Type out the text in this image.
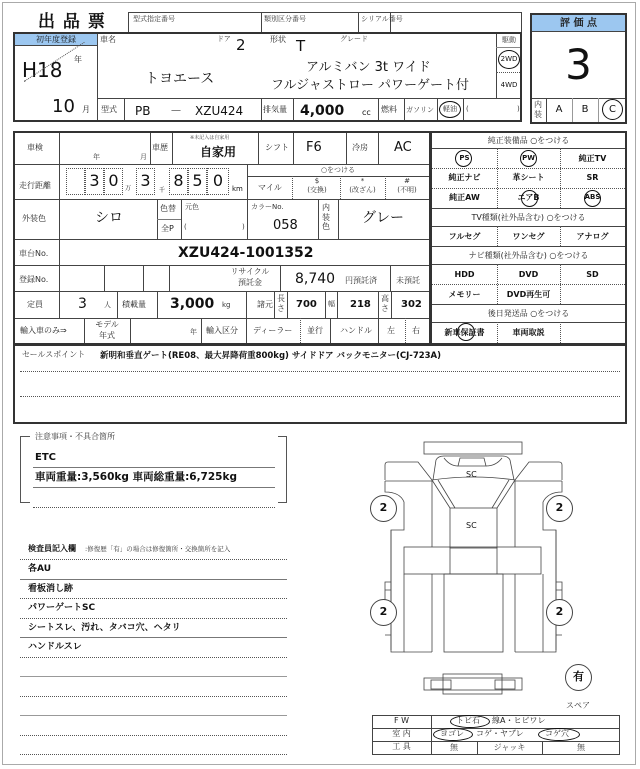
出 品 票	型式指定番号	類別区分番号	シリアル番号
初年度登録
H18 年
10 月
車名	ドア 2	形状 T	グレード
トヨエース
アルミバン 3t ワイド
フルジャストロー パワーゲート付
駆動
2WD
4WD
型式 PB － XZU424 排気量 4,000 cc 燃料 ガソリン 軽油 (	)
評 価 点
3
内装	A	B	C
車検
年	月
車歴
※未記入は自家用
自家用	シフト F6	冷房 AC
走行距離 3 0	万 3
千
8 5 0	km
○をつける
マイル
$
(交換)
*
(改ざん)
#
(不明)
外装色	シロ
色替
全P
元色
(	)
カラーNo.
058
内装色
グレー
車台No.	XZU424-1001352
登録No.
リサイクル
預託金	8,740 円預託済 未預託
定員	3 人 積載量 3,000 kg	諸元
長さ 700 幅 218
高さ 302
輸入車のみ⇒
モデル
年式	年 輸入区分 ディーラー 並行 ハンドル 左 右
純正装備品 ○をつける
PS	PW	純正TV
純正ナビ	革シート	SR
純正AW	エアB	ABS
TV種類(社外品含む) ○をつける
フルセグ	ワンセグ	アナログ
ナビ種類(社外品含む) ○をつける
HDD	DVD	SD
メモリー	DVD再生可
後日発送品 ○をつける
新車保証書	車両取説
セールスポイント 新明和垂直ゲート(RE08、最大昇降荷重800kg) サイドドア バックモニター(CJ-723A)
注意事項・不具合箇所
ETC
車両重量:3,560kg 車両総重量:6,725kg
検査員記入欄 :修復歴「有」の場合は修復箇所・交換箇所を記入
各AU
看板消し跡
パワーゲートSC
シートスレ、汚れ、タバコ穴、ヘタリ
ハンドルスレ
SC
SC
2	2
2	2
有
スペア
F W	トビ石 線A・ヒビワレ
室 内	ヨゴレ コゲ・ヤブレ	コゲ穴
工 具	無	ジャッキ	無
